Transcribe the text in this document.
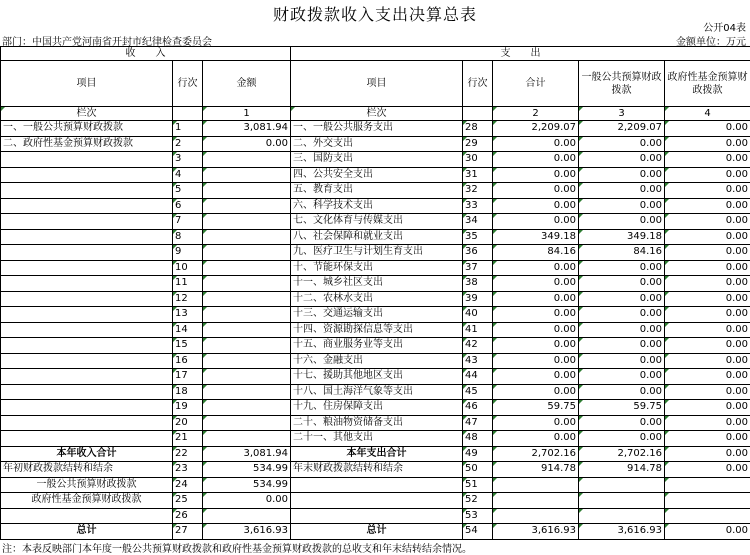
财政拨款收入支出决算总表
公开04表
部门：中国共产党河南省开封市纪律检查委员会	金额单位：万元
收　　入			支　　出				
项目	行次	金额	项目	行次	合计	一般公共预算财政拨款	政府性基金预算财政拨款
栏次		1	栏次		2	3	4
一、一般公共预算财政拨款	1	3,081.94	一、一般公共服务支出	28	2,209.07	2,209.07	0.00
二、政府性基金预算财政拨款	2	0.00	二、外交支出	29	0.00	0.00	0.00
	3		三、国防支出	30	0.00	0.00	0.00
	4		四、公共安全支出	31	0.00	0.00	0.00
	5		五、教育支出	32	0.00	0.00	0.00
	6		六、科学技术支出	33	0.00	0.00	0.00
	7		七、文化体育与传媒支出	34	0.00	0.00	0.00
	8		八、社会保障和就业支出	35	349.18	349.18	0.00
	9		九、医疗卫生与计划生育支出	36	84.16	84.16	0.00
	10		十、节能环保支出	37	0.00	0.00	0.00
	11		十一、城乡社区支出	38	0.00	0.00	0.00
	12		十二、农林水支出	39	0.00	0.00	0.00
	13		十三、交通运输支出	40	0.00	0.00	0.00
	14		十四、资源勘探信息等支出	41	0.00	0.00	0.00
	15		十五、商业服务业等支出	42	0.00	0.00	0.00
	16		十六、金融支出	43	0.00	0.00	0.00
	17		十七、援助其他地区支出	44	0.00	0.00	0.00
	18		十八、国土海洋气象等支出	45	0.00	0.00	0.00
	19		十九、住房保障支出	46	59.75	59.75	0.00
	20		二十、粮油物资储备支出	47	0.00	0.00	0.00
	21		二十一、其他支出	48	0.00	0.00	0.00
本年收入合计	22	3,081.94	本年支出合计	49	2,702.16	2,702.16	0.00
年初财政拨款结转和结余	23	534.99	年末财政拨款结转和结余	50	914.78	914.78	0.00
一般公共预算财政拨款	24	534.99		51			
政府性基金预算财政拨款	25	0.00		52			
	26			53			
总计	27	3,616.93	总计	54	3,616.93	3,616.93	0.00
注：本表反映部门本年度一般公共预算财政拨款和政府性基金预算财政拨款的总收支和年末结转结余情况。
